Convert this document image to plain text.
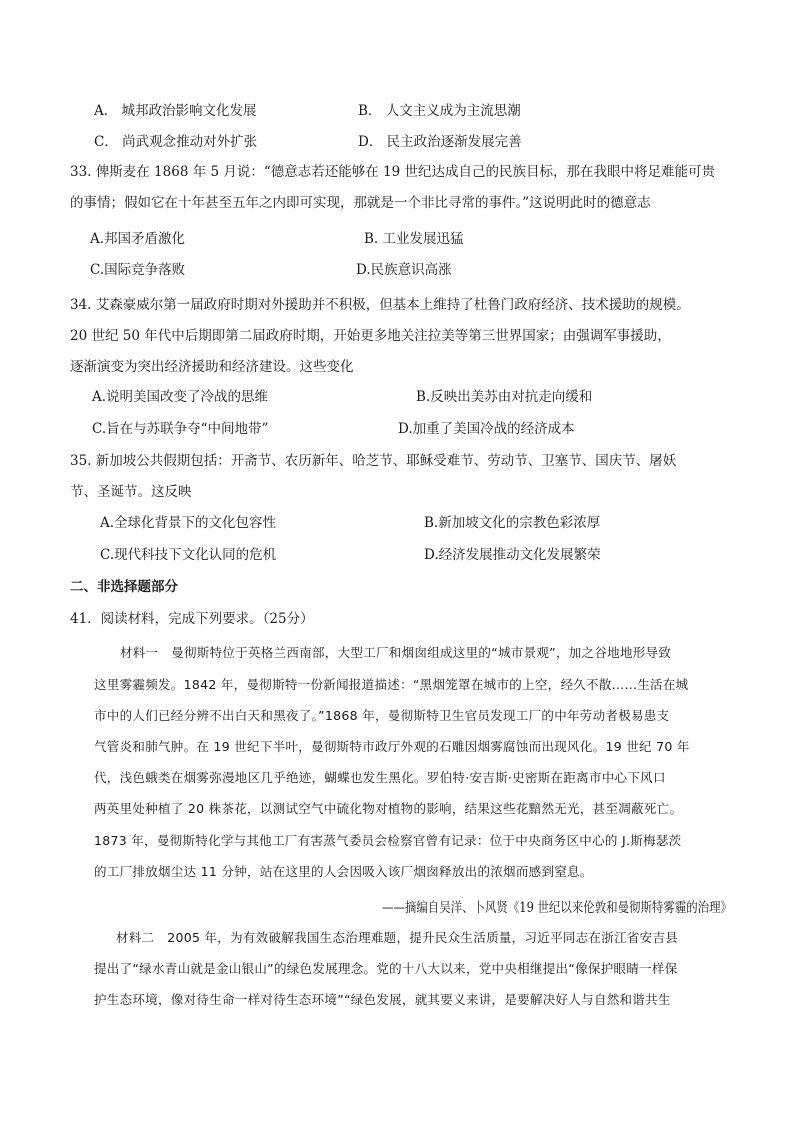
A． 城邦政治影响文化发展	B． 人文主义成为主流思潮
C． 尚武观念推动对外扩张	D． 民主政治逐渐发展完善
33. 俾斯麦在 1868 年 5 月说：“德意志若还能够在 19 世纪达成自己的民族目标，那在我眼中将足难能可贵
的事情；假如它在十年甚至五年之内即可实现，那就是一个非比寻常的事件。”这说明此时的德意志
A.邦国矛盾激化	B. 工业发展迅猛
C.国际竞争落败	D.民族意识高涨
34. 艾森豪威尔第一届政府时期对外援助并不积极，但基本上维持了杜鲁门政府经济、技术援助的规模。
20 世纪 50 年代中后期即第二届政府时期，开始更多地关注拉美等第三世界国家；由强调军事援助，
逐渐演变为突出经济援助和经济建设。这些变化
A.说明美国改变了冷战的思维	B.反映出美苏由对抗走向缓和
C.旨在与苏联争夺“中间地带”	D.加重了美国冷战的经济成本
35. 新加坡公共假期包括：开斋节、农历新年、哈芝节、耶稣受难节、劳动节、卫塞节、国庆节、屠妖
节、圣诞节。这反映
A.全球化背景下的文化包容性	B.新加坡文化的宗教色彩浓厚
C.现代科技下文化认同的危机	D.经济发展推动文化发展繁荣
二、非选择题部分
41．阅读材料，完成下列要求。（25分）
材料一　曼彻斯特位于英格兰西南部，大型工厂和烟囱组成这里的“城市景观”，加之谷地地形导致
这里雾霾频发。1842 年，曼彻斯特一份新闻报道描述：“黑烟笼罩在城市的上空，经久不散……生活在城
市中的人们已经分辨不出白天和黑夜了。”1868 年，曼彻斯特卫生官员发现工厂的中年劳动者极易患支
气管炎和肺气肿。在 19 世纪下半叶，曼彻斯特市政厅外观的石雕因烟雾腐蚀而出现风化。19 世纪 70 年
代，浅色蛾类在烟雾弥漫地区几乎绝迹，蝴蝶也发生黑化。罗伯特·安吉斯·史密斯在距离市中心下风口
两英里处种植了 20 株茶花，以测试空气中硫化物对植物的影响，结果这些花黯然无光，甚至凋蔽死亡。
1873 年，曼彻斯特化学与其他工厂有害蒸气委员会检察官曾有记录：位于中央商务区中心的 J.斯梅瑟茨
的工厂排放烟尘达 11 分钟，站在这里的人会因吸入该厂烟囱释放出的浓烟而感到窒息。
——摘编自吴洋、卜风贤《19 世纪以来伦敦和曼彻斯特雾霾的治理》
材料二　2005 年，为有效破解我国生态治理难题，提升民众生活质量，习近平同志在浙江省安吉县
提出了“绿水青山就是金山银山”的绿色发展理念。党的十八大以来，党中央相继提出“像保护眼睛一样保
护生态环境，像对待生命一样对待生态环境”“绿色发展，就其要义来讲，是要解决好人与自然和谐共生
